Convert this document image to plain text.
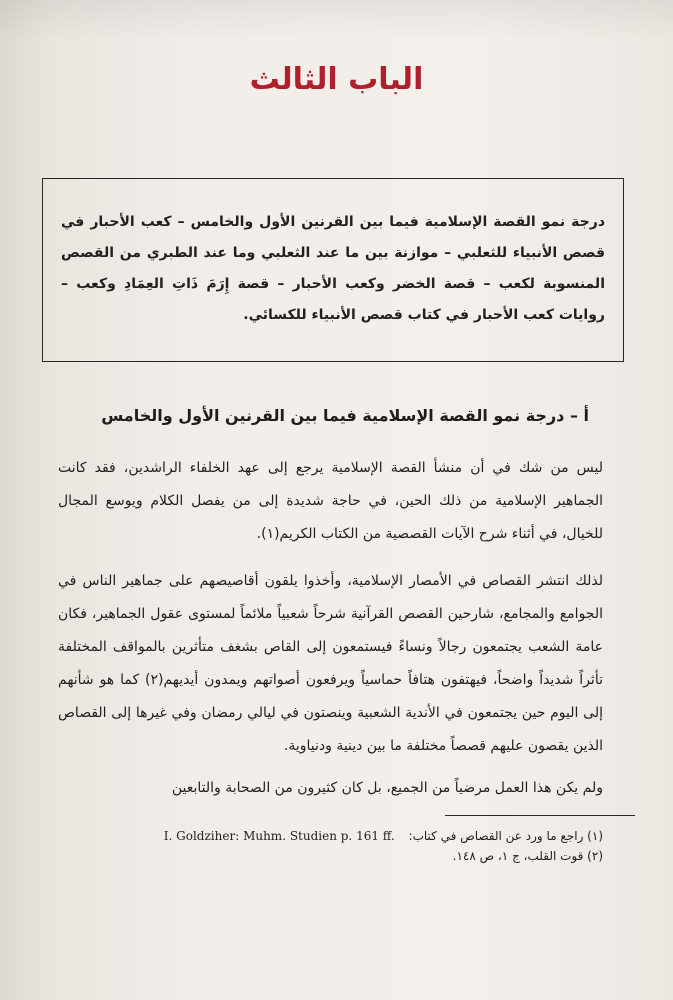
الباب الثالث

درجة نمو القصة الإسلامية فيما بين القرنين الأول والخامس – كعب الأحبار في قصص الأنبياء للثعلبي – موازنة بين ما عند الثعلبي وما عند الطبري من القصص المنسوبة لكعب – قصة الخضر وكعب الأحبار – قصة إِرَمَ ذَاتِ العِمَادِ وكعب – روايات كعب الأحبار في كتاب قصص الأنبياء للكسائي.

أ – درجة نمو القصة الإسلامية فيما بين القرنين الأول والخامس

ليس من شك في أن منشأ القصة الإسلامية يرجع إلى عهد الخلفاء الراشدين، فقد كانت الجماهير الإسلامية من ذلك الحين، في حاجة شديدة إلى من يفصل الكلام ويوسع المجال للخيال، في أثناء شرح الآيات القصصية من الكتاب الكريم(١).

لذلك انتشر القصاص في الأمصار الإسلامية، وأخذوا يلقون أقاصيصهم على جماهير الناس في الجوامع والمجامع، شارحين القصص القرآنية شرحاً شعبياً ملائماً لمستوى عقول الجماهير، فكان عامة الشعب يجتمعون رجالاً ونساءً فيستمعون إلى القاص بشغف متأثرين بالمواقف المختلفة تأثراً شديداً واضحاً، فيهتفون هتافاً حماسياً ويرفعون أصواتهم ويمدون أيديهم(٢) كما هو شأنهم إلى اليوم حين يجتمعون في الأندية الشعبية وينصتون في ليالي رمضان وفي غيرها إلى القصاص الذين يقصون عليهم قصصاً مختلفة ما بين دينية ودنياوية.

ولم يكن هذا العمل مرضياً من الجميع، بل كان كثيرون من الصحابة والتابعين

(١) راجع ما ورد عن القصاص في كتاب: I. Goldziher: Muhm. Studien p. 161 ff.

(٢) قوت القلب، ج ١، ص ١٤٨.
